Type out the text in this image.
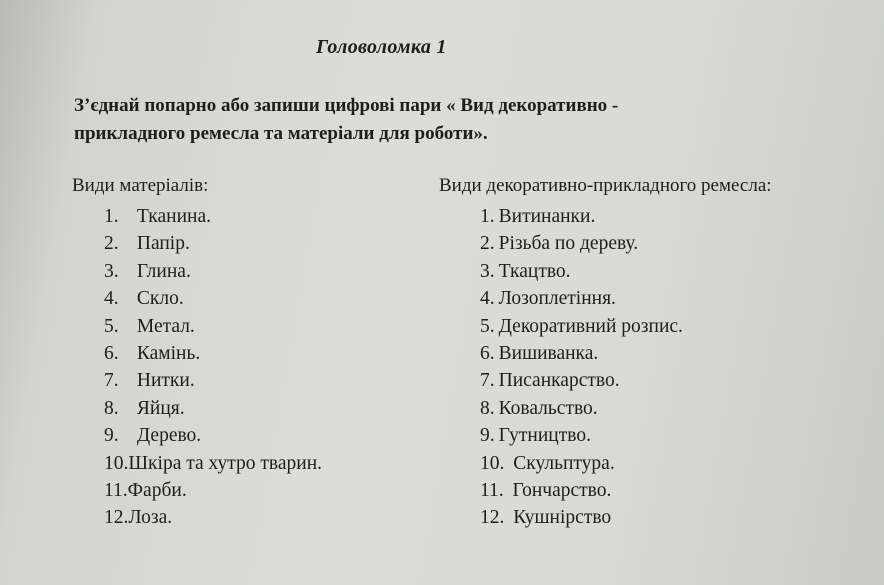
Головоломка 1
З’єднай попарно або запиши цифрові пари « Вид декоративно -
прикладного ремесла та матеріали для роботи».
Види матеріалів:	Види декоративно-прикладного ремесла:
1. Тканина.
2. Папір.
3. Глина.
4. Скло.
5. Метал.
6. Камінь.
7. Нитки.
8. Яйця.
9. Дерево.
10.Шкіра та хутро тварин.
11.Фарби.
12.Лоза.
1. Витинанки.
2. Різьба по дереву.
3. Ткацтво.
4. Лозоплетіння.
5. Декоративний розпис.
6. Вишиванка.
7. Писанкарство.
8. Ковальство.
9. Гутництво.
10. Скульптура.
11. Гончарство.
12. Кушнірство
